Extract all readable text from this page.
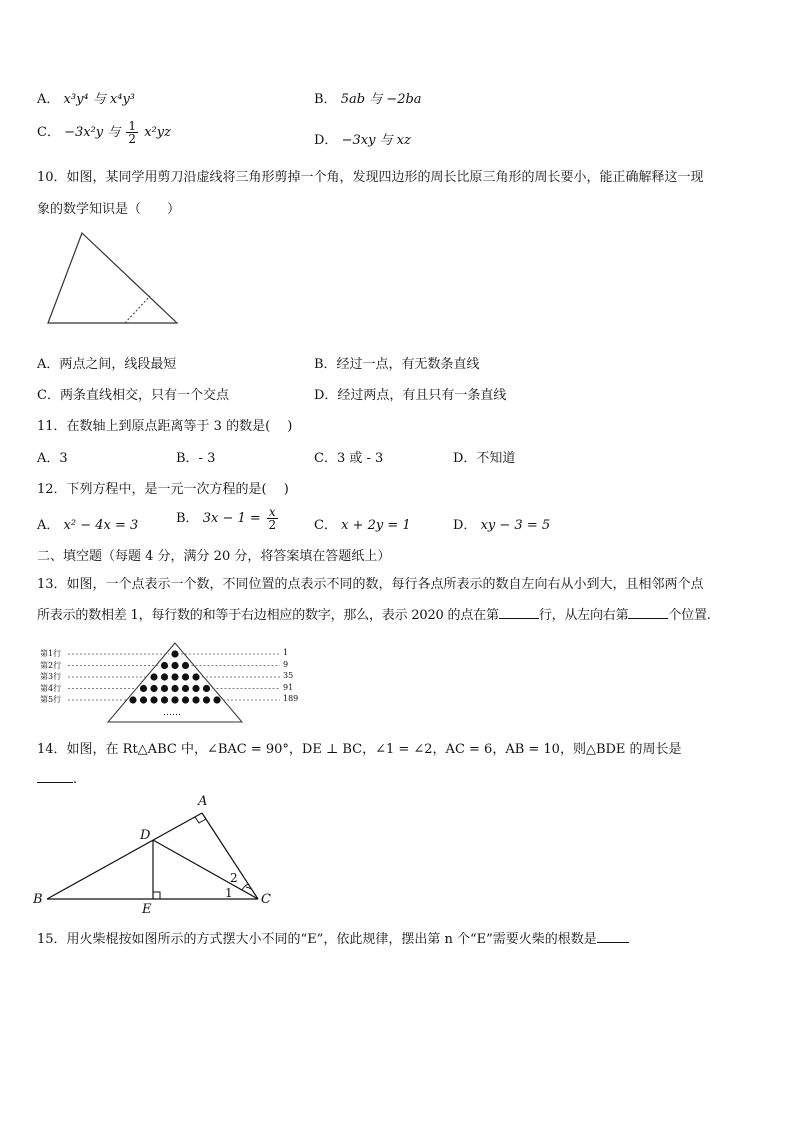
A． x³y⁴ 与 x⁴y³	B． 5ab 与 −2ba
C． −3x²y 与 $\frac{1}{2} x^2yz$
D． −3xy 与 xz
10．如图，某同学用剪刀沿虚线将三角形剪掉一个角，发现四边形的周长比原三角形的周长要小，能正确解释这一现
象的数学知识是（　　）
A．两点之间，线段最短	B．经过一点，有无数条直线
C．两条直线相交，只有一个交点	D．经过两点，有且只有一条直线
11．在数轴上到原点距离等于 3 的数是(　 )
A．3	B．- 3	C．3 或 - 3	D．不知道
12．下列方程中，是一元一次方程的是(　 )
A． x² − 4x = 3	B． $3x - 1 = \frac{x}{2}$	C． x + 2y = 1	D． xy − 3 = 5
二、填空题（每题 4 分，满分 20 分，将答案填在答题纸上）
13．如图，一个点表示一个数，不同位置的点表示不同的数，每行各点所表示的数自左向右从小到大，且相邻两个点
所表示的数相差 1，每行数的和等于右边相应的数字，那么，表示 2020 的点在第	行，从左向右第	个位置.
第1行
第2行
第3行
第4行
第5行
1
9
35
91
189
……
14．如图，在 Rt△ABC 中，∠BAC = 90°，DE ⊥ BC，∠1 = ∠2，AC = 6，AB = 10，则△BDE 的周长是
.
A
B	C
D
E
1
2
15．用火柴棍按如图所示的方式摆大小不同的“E”，依此规律，摆出第 n 个“E”需要火柴的根数是
